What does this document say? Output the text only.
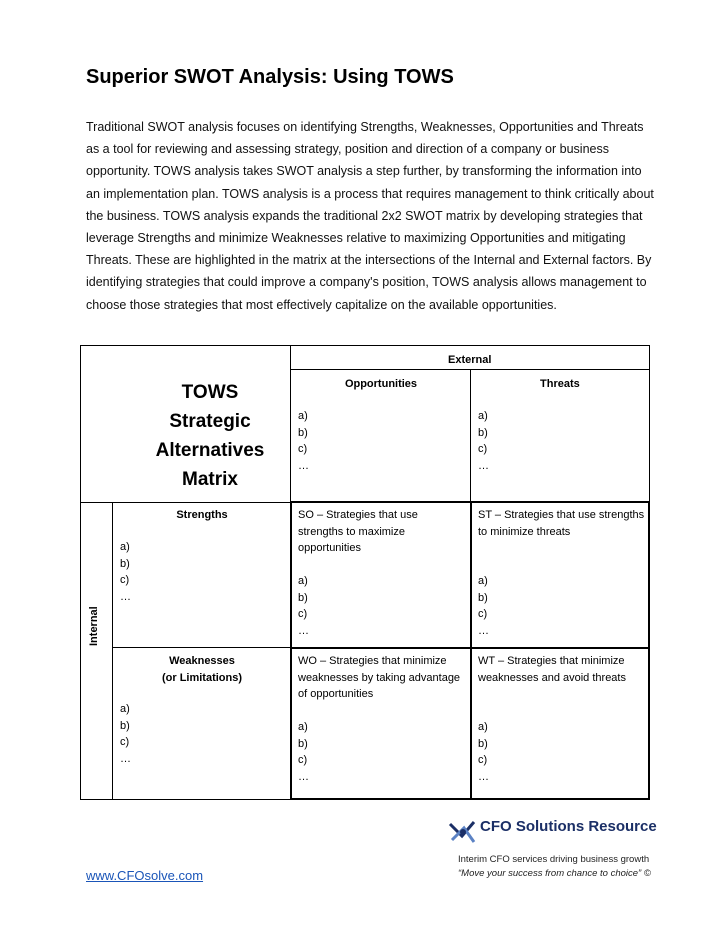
Superior SWOT Analysis: Using TOWS

Traditional SWOT analysis focuses on identifying Strengths, Weaknesses, Opportunities and Threats as a tool for reviewing and assessing strategy, position and direction of a company or business opportunity. TOWS analysis takes SWOT analysis a step further, by transforming the information into an implementation plan. TOWS analysis is a process that requires management to think critically about the business. TOWS analysis expands the traditional 2x2 SWOT matrix by developing strategies that leverage Strengths and minimize Weaknesses relative to maximizing Opportunities and mitigating Threats. These are highlighted in the matrix at the intersections of the Internal and External factors. By identifying strategies that could improve a company's position, TOWS analysis allows management to choose those strategies that most effectively capitalize on the available opportunities.

TOWS
Strategic
Alternatives
Matrix
External
Opportunities	Threats
a)
b)
c)
…
a)
b)
c)
…
Internal
Strengths
a)
b)
c)
…
Weaknesses
(or Limitations)
a)
b)
c)
…
SO – Strategies that use strengths to maximize opportunities
a)
b)
c)
…
ST – Strategies that use strengths to minimize threats
a)
b)
c)
…
WO – Strategies that minimize weaknesses by taking advantage of opportunities
a)
b)
c)
…
WT – Strategies that minimize weaknesses and avoid threats
a)
b)
c)
…
CFO Solutions Resource
Interim CFO services driving business growth
“Move your success from chance to choice” ©
www.CFOsolve.com
